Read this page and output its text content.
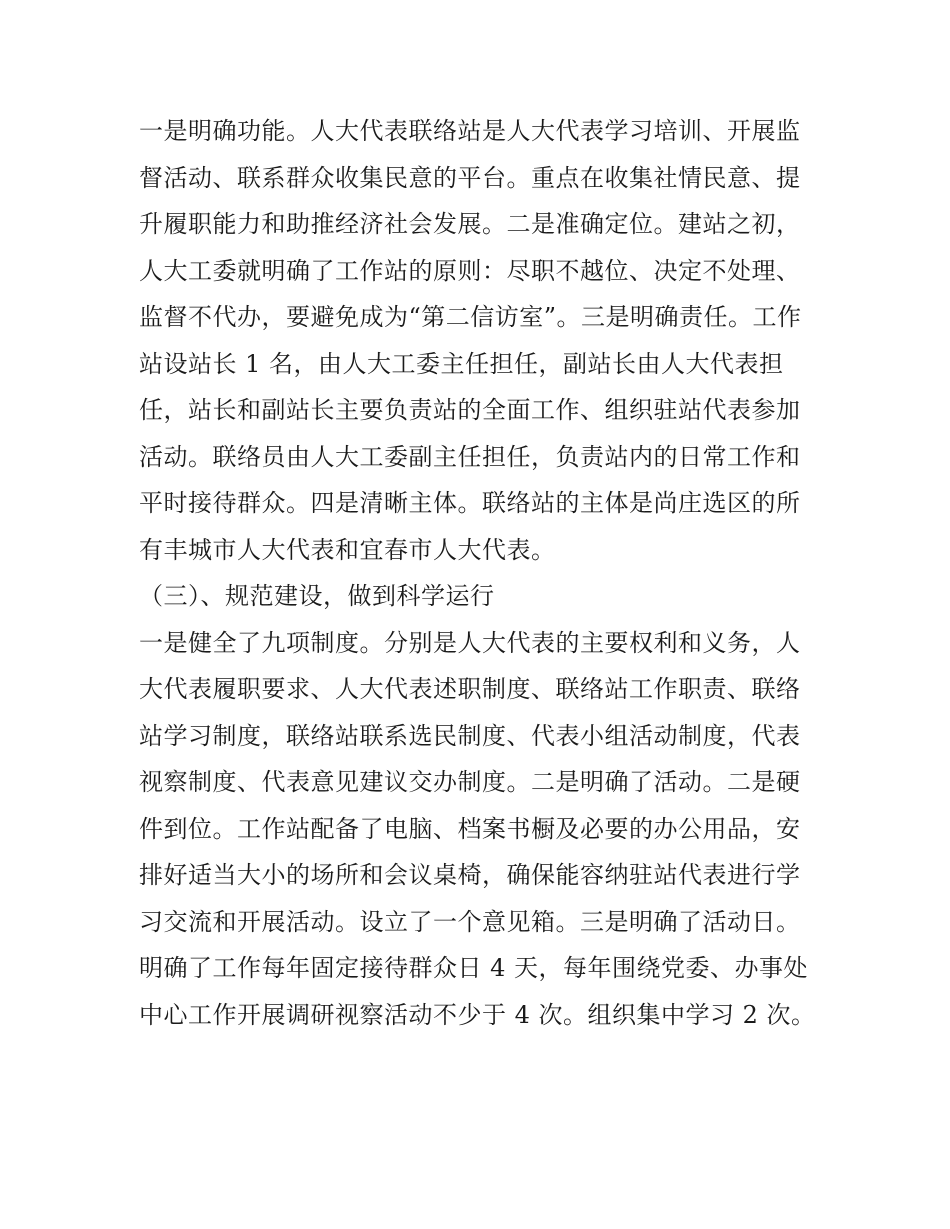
一是明确功能。人大代表联络站是人大代表学习培训、开展监
督活动、联系群众收集民意的平台。重点在收集社情民意、提
升履职能力和助推经济社会发展。二是准确定位。建站之初，
人大工委就明确了工作站的原则：尽职不越位、决定不处理、
监督不代办，要避免成为“第二信访室”。三是明确责任。工作
站设站长 1 名，由人大工委主任担任，副站长由人大代表担
任，站长和副站长主要负责站的全面工作、组织驻站代表参加
活动。联络员由人大工委副主任担任，负责站内的日常工作和
平时接待群众。四是清晰主体。联络站的主体是尚庄选区的所
有丰城市人大代表和宜春市人大代表。
（三）、规范建设，做到科学运行
一是健全了九项制度。分别是人大代表的主要权利和义务，人
大代表履职要求、人大代表述职制度、联络站工作职责、联络
站学习制度，联络站联系选民制度、代表小组活动制度，代表
视察制度、代表意见建议交办制度。二是明确了活动。二是硬
件到位。工作站配备了电脑、档案书橱及必要的办公用品，安
排好适当大小的场所和会议桌椅，确保能容纳驻站代表进行学
习交流和开展活动。设立了一个意见箱。三是明确了活动日。
明确了工作每年固定接待群众日 4 天，每年围绕党委、办事处
中心工作开展调研视察活动不少于 4 次。组织集中学习 2 次。
